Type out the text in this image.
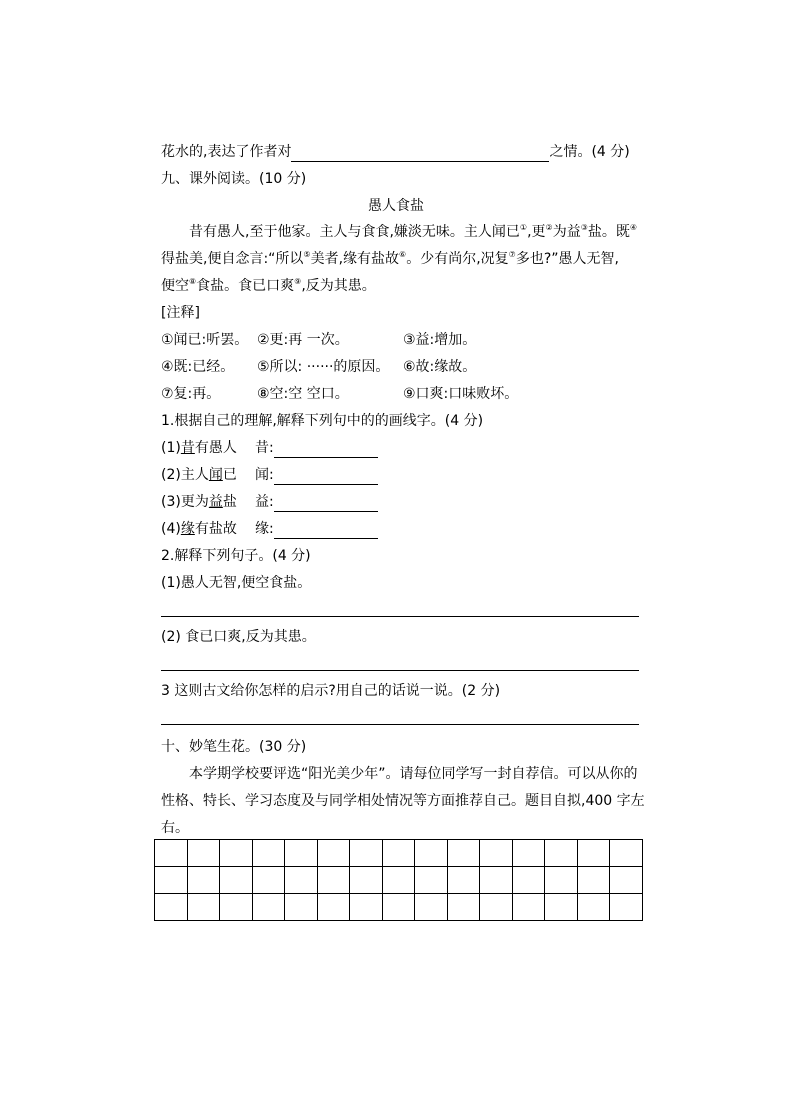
花水的,表达了作者对	之情。(4 分)
九、课外阅读。(10 分)
愚人食盐
昔有愚人,至于他家。主人与食食,嫌淡无味。主人闻已①,更②为益③盐。既④
得盐美,便自念言:“所以⑤美者,缘有盐故⑥。少有尚尔,况复⑦多也?”愚人无智,
便空⑧食盐。食已口爽⑨,反为其患。
[注释]
①闻已:听罢。 ②更:再 一次。	③益:增加。
④既:已经。 ⑤所以: ······的原因。 ⑥故:缘故。
⑦复:再。	⑧空:空 空口。	⑨口爽:口味败坏。
1.根据自己的理解,解释下列句中的的画线字。(4 分)
(1)昔有愚人 昔:
(2)主人闻已 闻:
(3)更为益盐 益:
(4)缘有盐故 缘:
2.解释下列句子。(4 分)
(1)愚人无智,便空食盐。
(2) 食已口爽,反为其患。
3 这则古文给你怎样的启示?用自己的话说一说。(2 分)
十、妙笔生花。(30 分)
本学期学校要评选“阳光美少年”。请每位同学写一封自荐信。可以从你的
性格、特长、学习态度及与同学相处情况等方面推荐自己。题目自拟,400 字左
右。
